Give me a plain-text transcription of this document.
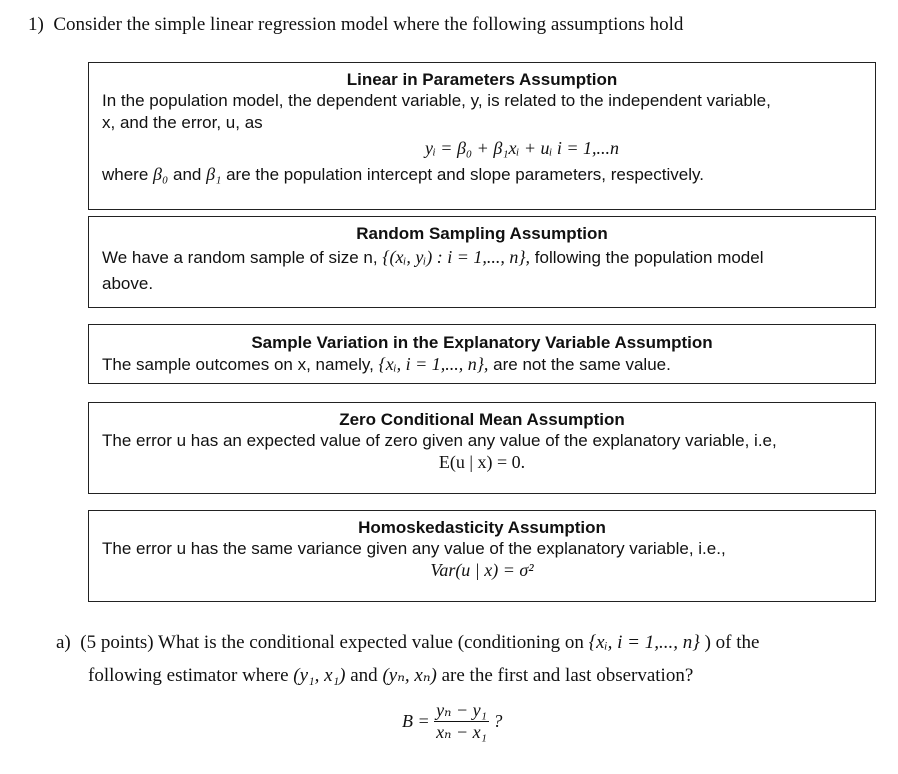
1) Consider the simple linear regression model where the following assumptions hold
Linear in Parameters Assumption
In the population model, the dependent variable, y, is related to the independent variable,
x, and the error, u, as
yᵢ = β₀ + β₁xᵢ + uᵢ i = 1,...n
where β₀ and β₁ are the population intercept and slope parameters, respectively.
Random Sampling Assumption
We have a random sample of size n, {(xᵢ, yᵢ) : i = 1,..., n}, following the population model
above.
Sample Variation in the Explanatory Variable Assumption
The sample outcomes on x, namely, {xᵢ, i = 1,..., n}, are not the same value.
Zero Conditional Mean Assumption
The error u has an expected value of zero given any value of the explanatory variable, i.e,
E(u | x) = 0.
Homoskedasticity Assumption
The error u has the same variance given any value of the explanatory variable, i.e.,
Var(u | x) = σ²
a) (5 points) What is the conditional expected value (conditioning on {xᵢ, i = 1,..., n} ) of the
following estimator where (y₁, x₁) and (yₙ, xₙ) are the first and last observation?
$B = \frac{\text{yₙ − y₁}}{\text{xₙ − x₁}}$ ?
